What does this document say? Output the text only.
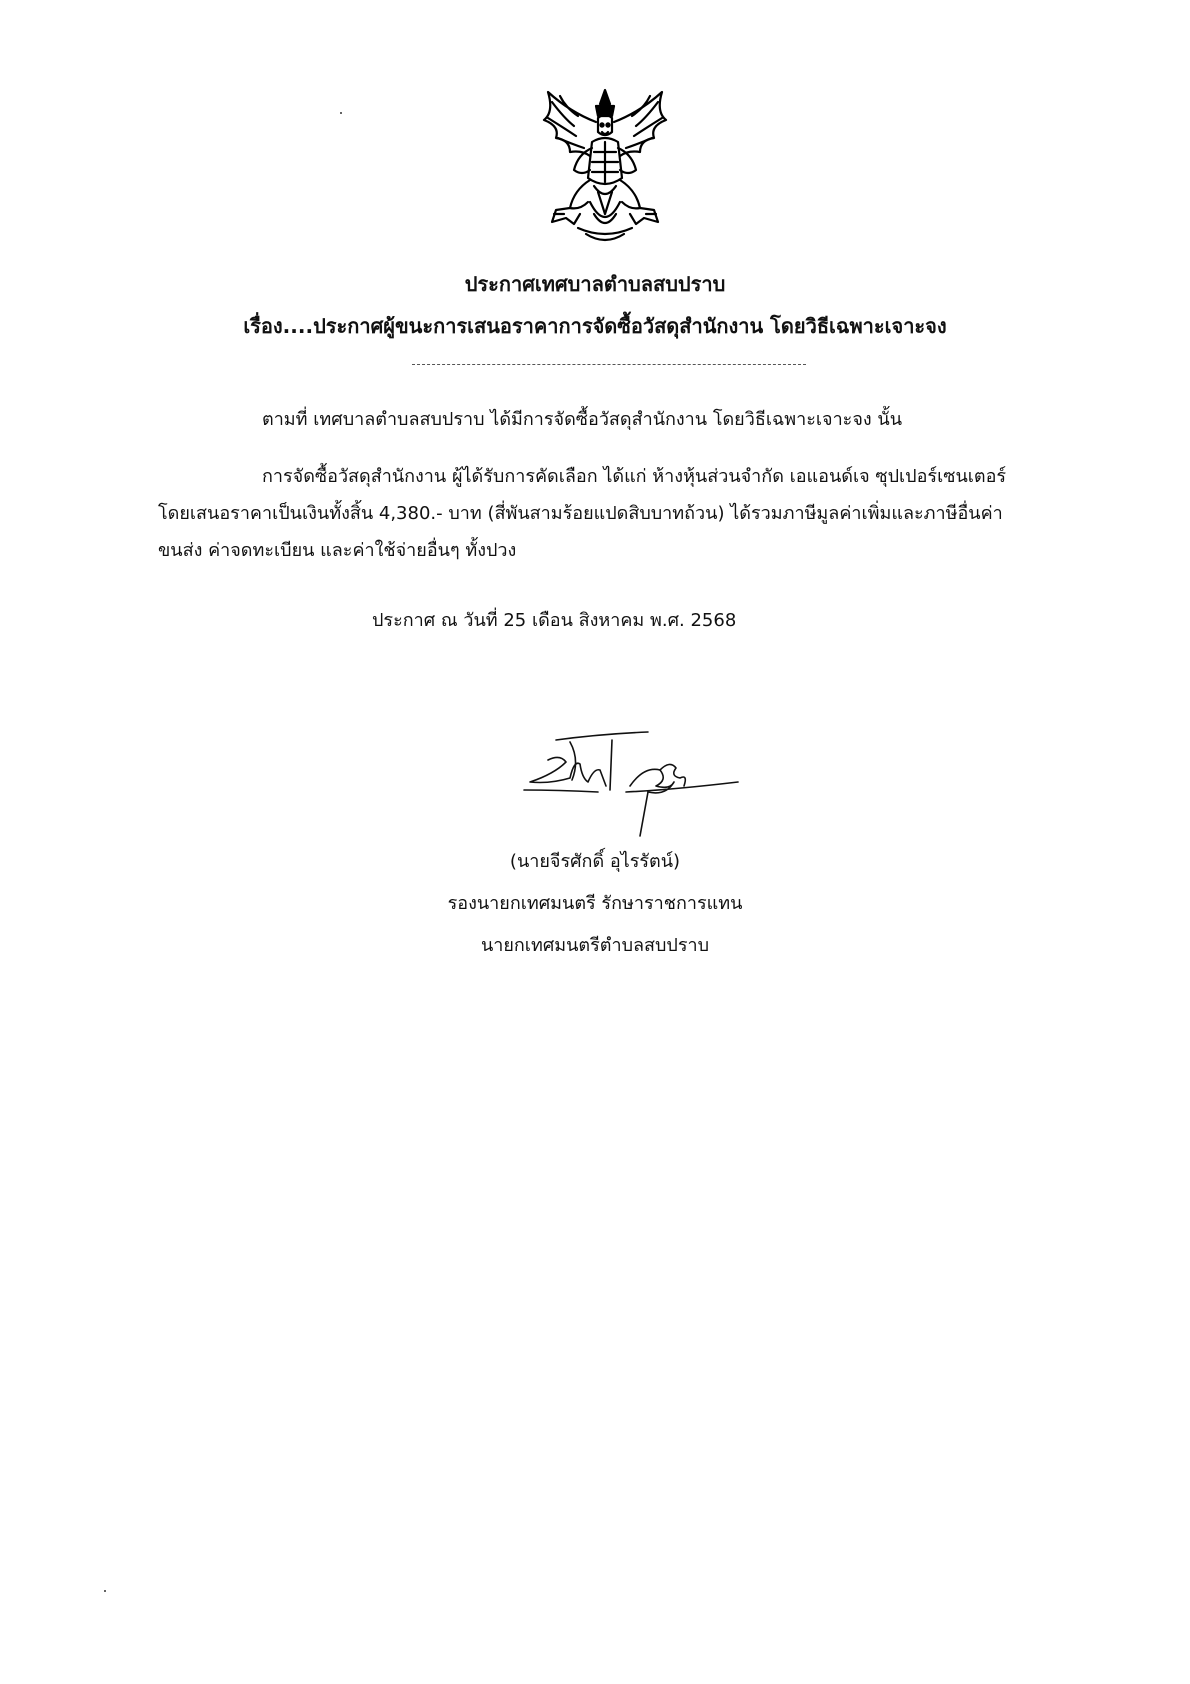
ประกาศเทศบาลตำบลสบปราบ
เรื่อง....ประกาศผู้ขนะการเสนอราคาการจัดซื้อวัสดุสำนักงาน โดยวิธีเฉพาะเจาะจง
ตามที่ เทศบาลตำบลสบปราบ ได้มีการจัดซื้อวัสดุสำนักงาน โดยวิธีเฉพาะเจาะจง นั้น
การจัดซื้อวัสดุสำนักงาน ผู้ได้รับการคัดเลือก ได้แก่ ห้างหุ้นส่วนจำกัด เอแอนด์เจ ซุปเปอร์เซนเตอร์
โดยเสนอราคาเป็นเงินทั้งสิ้น 4,380.- บาท (สี่พันสามร้อยแปดสิบบาทถ้วน) ได้รวมภาษีมูลค่าเพิ่มและภาษีอื่นค่า
ขนส่ง ค่าจดทะเบียน และค่าใช้จ่ายอื่นๆ ทั้งปวง
ประกาศ ณ วันที่ 25 เดือน สิงหาคม พ.ศ. 2568
(นายจีรศักดิ์ อุไรรัตน์)
รองนายกเทศมนตรี รักษาราชการแทน
นายกเทศมนตรีตำบลสบปราบ
